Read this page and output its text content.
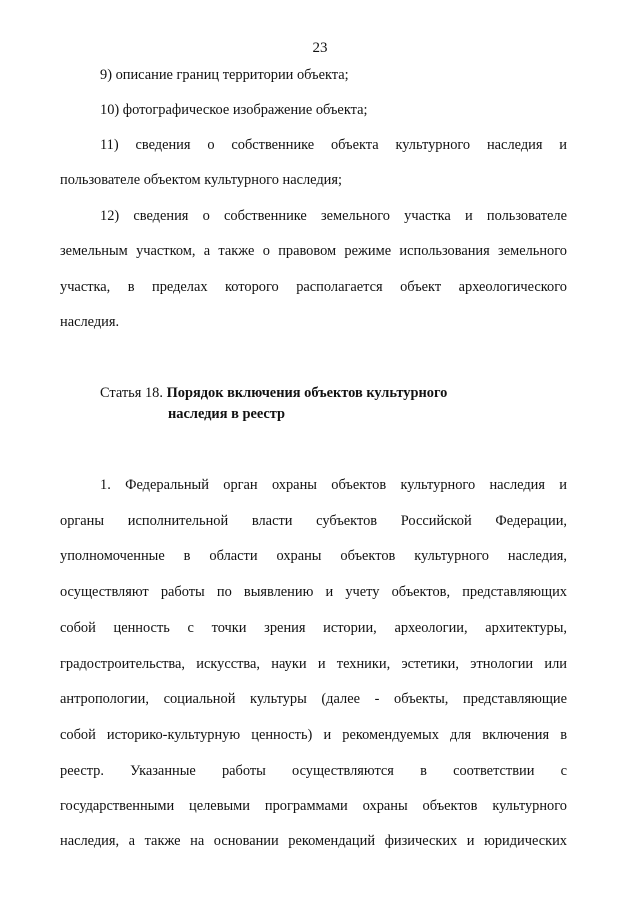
23
9) описание границ территории объекта;
10) фотографическое изображение объекта;
11) сведения о собственнике объекта культурного наследия и
пользователе объектом культурного наследия;
12) сведения о собственнике земельного участка и пользователе
земельным участком, а также о правовом режиме использования земельного
участка, в пределах которого располагается объект археологического
наследия.
Статья 18. Порядок включения объектов культурного
наследия в реестр
1. Федеральный орган охраны объектов культурного наследия и
органы исполнительной власти субъектов Российской Федерации,
уполномоченные в области охраны объектов культурного наследия,
осуществляют работы по выявлению и учету объектов, представляющих
собой ценность с точки зрения истории, археологии, архитектуры,
градостроительства, искусства, науки и техники, эстетики, этнологии или
антропологии, социальной культуры (далее - объекты, представляющие
собой историко-культурную ценность) и рекомендуемых для включения в
реестр. Указанные работы осуществляются в соответствии с
государственными целевыми программами охраны объектов культурного
наследия, а также на основании рекомендаций физических и юридических
